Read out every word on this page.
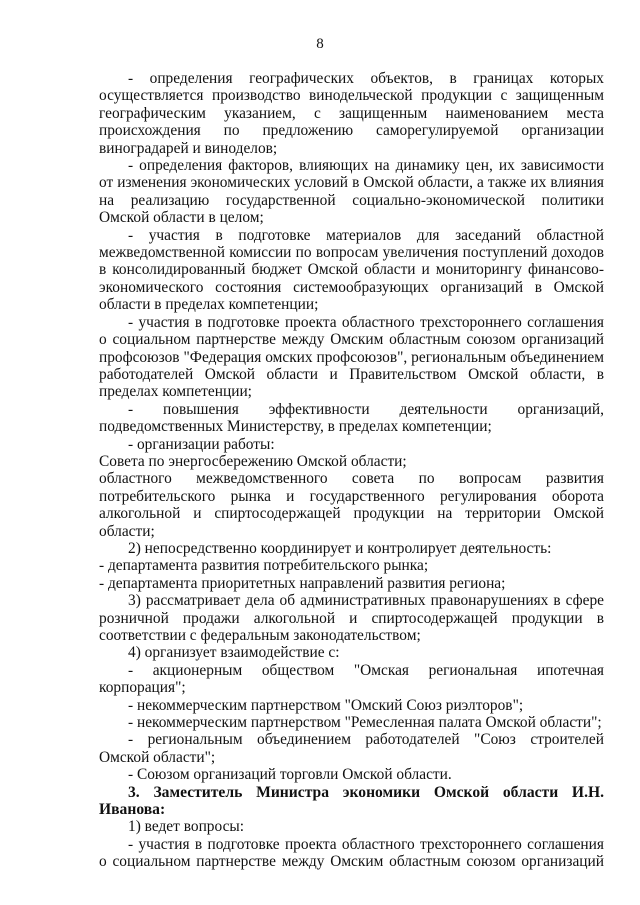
8

- определения географических объектов, в границах которых осуществляется производство винодельческой продукции с защищенным географическим указанием, с защищенным наименованием места происхождения по предложению саморегулируемой организации виноградарей и виноделов;

- определения факторов, влияющих на динамику цен, их зависимости от изменения экономических условий в Омской области, а также их влияния на реализацию государственной социально-экономической политики Омской области в целом;

- участия в подготовке материалов для заседаний областной межведомственной комиссии по вопросам увеличения поступлений доходов в консолидированный бюджет Омской области и мониторингу финансово-экономического состояния системообразующих организаций в Омской области в пределах компетенции;

- участия в подготовке проекта областного трехстороннего соглашения о социальном партнерстве между Омским областным союзом организаций профсоюзов "Федерация омских профсоюзов", региональным объединением работодателей Омской области и Правительством Омской области, в пределах компетенции;

- повышения эффективности деятельности организаций, подведомственных Министерству, в пределах компетенции;

- организации работы:

Совета по энергосбережению Омской области;

областного межведомственного совета по вопросам развития потребительского рынка и государственного регулирования оборота алкогольной и спиртосодержащей продукции на территории Омской области;

2) непосредственно координирует и контролирует деятельность:

- департамента развития потребительского рынка;

- департамента приоритетных направлений развития региона;

3) рассматривает дела об административных правонарушениях в сфере розничной продажи алкогольной и спиртосодержащей продукции в соответствии с федеральным законодательством;

4) организует взаимодействие с:

- акционерным обществом "Омская региональная ипотечная корпорация";

- некоммерческим партнерством "Омский Союз риэлторов";

- некоммерческим партнерством "Ремесленная палата Омской области";

- региональным объединением работодателей "Союз строителей Омской области";

- Союзом организаций торговли Омской области.

3. Заместитель Министра экономики Омской области И.Н. Иванова:

1) ведет вопросы:

- участия в подготовке проекта областного трехстороннего соглашения о социальном партнерстве между Омским областным союзом организаций
